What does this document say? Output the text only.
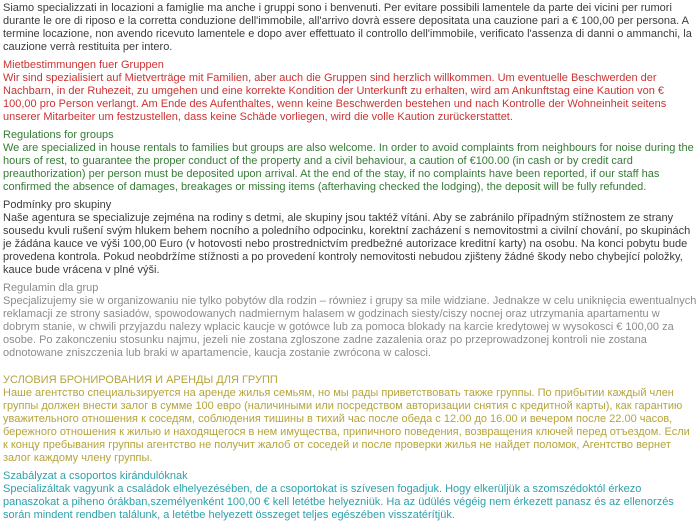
Siamo specializzati in locazioni a famiglie ma anche i gruppi sono i benvenuti. Per evitare possibili lamentele da parte dei vicini per rumori durante le ore di riposo e la corretta conduzione dell'immobile, all'arrivo dovrà essere depositata una cauzione pari a € 100,00 per persona. A termine locazione, non avendo ricevuto lamentele e dopo aver effettuato il controllo dell'immobile, verificato l'assenza di danni o ammanchi, la cauzione verrà restituita per intero.
Mietbestimmungen fuer Gruppen
Wir sind spezialisiert auf Mietverträge mit Familien, aber auch die Gruppen sind herzlich willkommen. Um eventuelle Beschwerden der Nachbarn, in der Ruhezeit, zu umgehen und eine korrekte Kondition der Unterkunft zu erhalten, wird am Ankunftstag eine Kaution von € 100,00 pro Person verlangt. Am Ende des Aufenthaltes, wenn keine Beschwerden bestehen und nach Kontrolle der Wohneinheit seitens unserer Mitarbeiter um festzustellen, dass keine Schäde vorliegen, wird die volle Kaution zurückerstattet.
Regulations for groups
We are specialized in house rentals to families but groups are also welcome. In order to avoid complaints from neighbours for noise during the hours of rest, to guarantee the proper conduct of the property and a civil behaviour, a caution of €100.00 (in cash or by credit card preauthorization) per person must be deposited upon arrival. At the end of the stay, if no complaints have been reported, if our staff has confirmed the absence of damages, breakages or missing items (afterhaving checked the lodging), the deposit will be fully refunded.
Podmínky pro skupiny
Naše agentura se specializuje zejména na rodiny s detmi, ale skupiny jsou taktéž vítáni. Aby se zabránilo případným stížnostem ze strany sousedu kvuli rušení svým hlukem behem nocního a poledního odpocinku, korektní zacházení s nemovitostmi a civilní chování, po skupinách je žádána kauce ve výši 100,00 Euro (v hotovosti nebo prostrednictvím predbežné autorizace kreditní karty) na osobu. Na konci pobytu bude provedena kontrola. Pokud neobdržíme stížnosti a po provedení kontroly nemovitosti nebudou zjišteny žádné škody nebo chybející položky, kauce bude vrácena v plné výši.
Regulamin dla grup
Specjalizujemy sie w organizowaniu nie tylko pobytów dla rodzin – równiez i grupy sa mile widziane. Jednakze w celu uniknięcia ewentualnych reklamacji ze strony sasiadów, spowodowanych nadmiernym halasem w godzinach siesty/ciszy nocnej oraz utrzymania apartamentu w dobrym stanie, w chwili przyjazdu nalezy wplacic kaucje w gotówce lub za pomoca blokady na karcie kredytowej w wysokosci € 100,00 za osobe. Po zakonczeniu stosunku najmu, jezeli nie zostana zgloszone zadne zazalenia oraz po przeprowadzonej kontroli nie zostana odnotowane zniszczenia lub braki w apartamencie, kaucja zostanie zwrócona w calosci.
УСЛОВИЯ БРОНИРОВАНИЯ И АРЕНДЫ ДЛЯ ГРУПП
Наше агентство специальзируется на аренде жилья семьям, но мы рады приветствовать также группы. По прибытии каждый член группы должен внести залог в сумме 100 евро (наличиными или посредством авторизации снятия с кредитной карты), как гарантию уважительного отношения к соседям, соблюдения тишины в тихий час после обеда с 12.00 до 16.00 и вечером после 22.00 часов, бережного отношения к жилью и находящегося в нем имущества, припичного поведения, возвращения ключей перед отъездом. Если к концу пребывания группы агентство не получит жалоб от соседей и после проверки жилья не найдет поломок, Агентство вернет залог каждому члену группы.
Szabályzat a csoportos kirándulóknak
Specializáltak vagyunk a családok elhelyezésében, de a csoportokat is szívesen fogadjuk. Hogy elkerüljük a szomszédoktól érkezo panaszokat a piheno órákban,személyenként 100,00 € kell letétbe helyezniük. Ha az üdülés végéig nem érkezett panasz és az ellenorzés során mindent rendben találunk, a letétbe helyezett összeget teljes egészében visszatérítjük.
